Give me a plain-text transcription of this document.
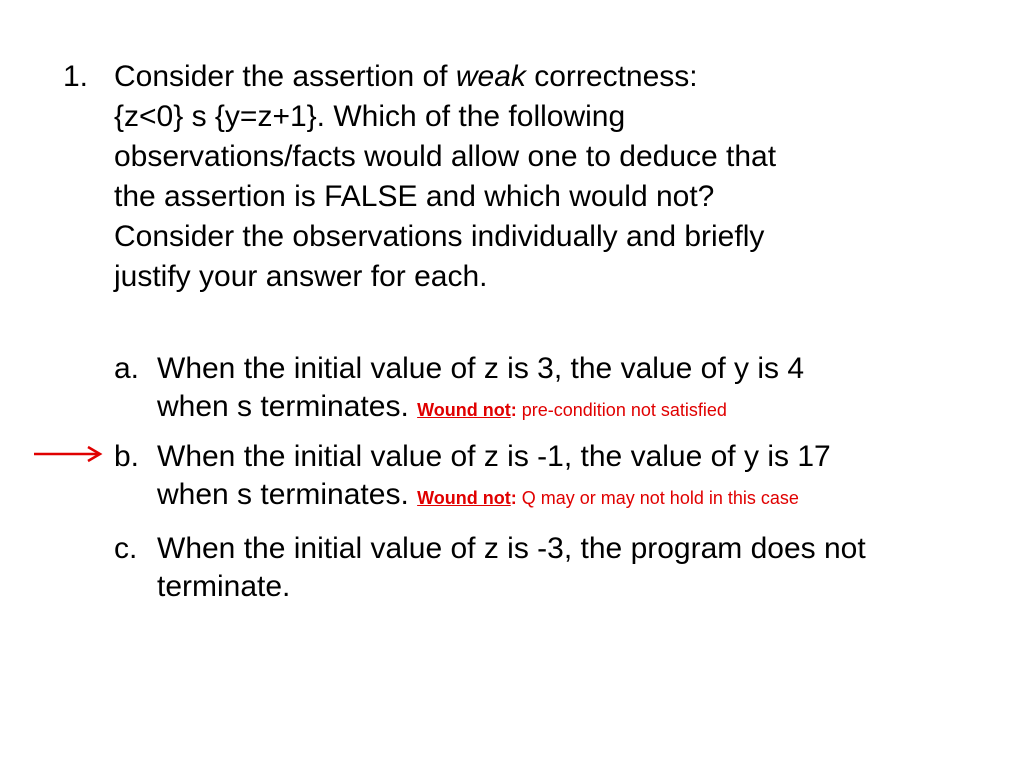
1. Consider the assertion of weak correctness:
{z<0} s {y=z+1}. Which of the following
observations/facts would allow one to deduce that
the assertion is FALSE and which would not?
Consider the observations individually and briefly
justify your answer for each.
a. When the initial value of z is 3, the value of y is 4
when s terminates. Wound not: pre-condition not satisfied
b. When the initial value of z is -1, the value of y is 17
when s terminates. Wound not: Q may or may not hold in this case
c. When the initial value of z is -3, the program does not
terminate.
